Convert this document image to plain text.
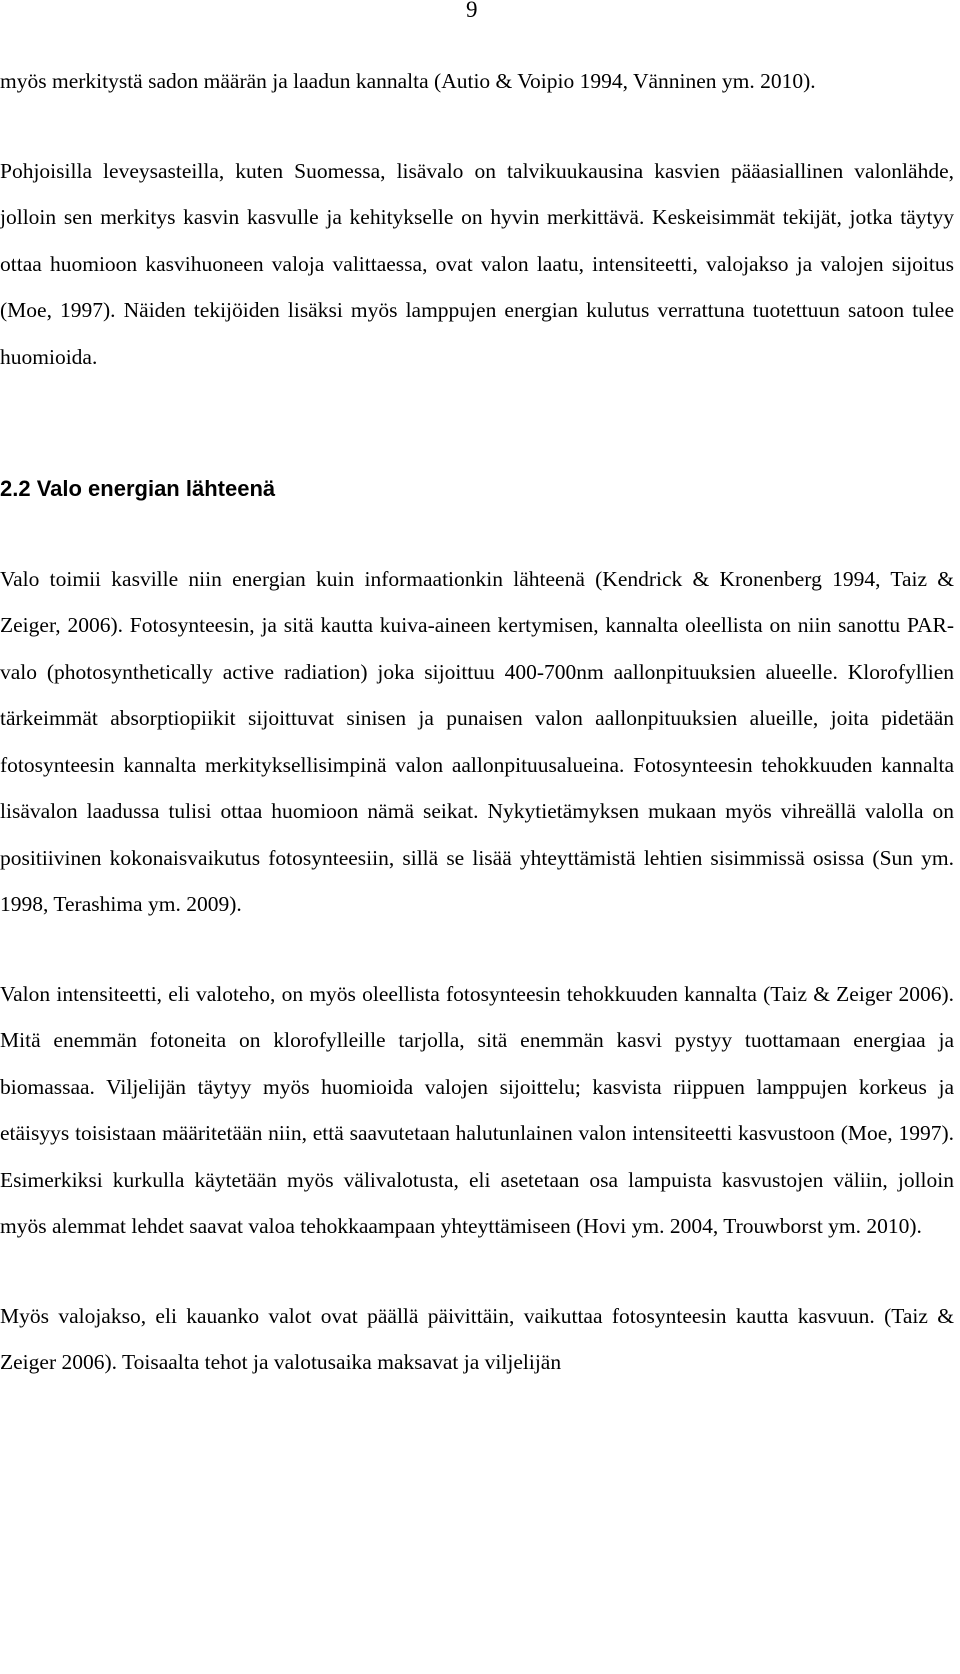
9

myös merkitystä sadon määrän ja laadun kannalta (Autio & Voipio 1994, Vänninen ym. 2010).

Pohjoisilla leveysasteilla, kuten Suomessa, lisävalo on talvikuukausina kasvien pääasiallinen valonlähde, jolloin sen merkitys kasvin kasvulle ja kehitykselle on hyvin merkittävä. Keskeisimmät tekijät, jotka täytyy ottaa huomioon kasvihuoneen valoja valittaessa, ovat valon laatu, intensiteetti, valojakso ja valojen sijoitus (Moe, 1997). Näiden tekijöiden lisäksi myös lamppujen energian kulutus verrattuna tuotettuun satoon tulee huomioida.

2.2 Valo energian lähteenä

Valo toimii kasville niin energian kuin informaationkin lähteenä (Kendrick & Kronenberg 1994, Taiz & Zeiger, 2006). Fotosynteesin, ja sitä kautta kuiva-aineen kertymisen, kannalta oleellista on niin sanottu PAR-valo (photosynthetically active radiation) joka sijoittuu 400-700nm aallonpituuksien alueelle. Klorofyllien tärkeimmät absorptiopiikit sijoittuvat sinisen ja punaisen valon aallonpituuksien alueille, joita pidetään fotosynteesin kannalta merkityksellisimpinä valon aallonpituusalueina. Fotosynteesin tehokkuuden kannalta lisävalon laadussa tulisi ottaa huomioon nämä seikat. Nykytietämyksen mukaan myös vihreällä valolla on positiivinen kokonaisvaikutus fotosynteesiin, sillä se lisää yhteyttämistä lehtien sisimmissä osissa (Sun ym. 1998, Terashima ym. 2009).

Valon intensiteetti, eli valoteho, on myös oleellista fotosynteesin tehokkuuden kannalta (Taiz & Zeiger 2006). Mitä enemmän fotoneita on klorofylleille tarjolla, sitä enemmän kasvi pystyy tuottamaan energiaa ja biomassaa. Viljelijän täytyy myös huomioida valojen sijoittelu; kasvista riippuen lamppujen korkeus ja etäisyys toisistaan määritetään niin, että saavutetaan halutunlainen valon intensiteetti kasvustoon (Moe, 1997). Esimerkiksi kurkulla käytetään myös välivalotusta, eli asetetaan osa lampuista kasvustojen väliin, jolloin myös alemmat lehdet saavat valoa tehokkaampaan yhteyttämiseen (Hovi ym. 2004, Trouwborst ym. 2010).

Myös valojakso, eli kauanko valot ovat päällä päivittäin, vaikuttaa fotosynteesin kautta kasvuun. (Taiz & Zeiger 2006). Toisaalta tehot ja valotusaika maksavat ja viljelijän
